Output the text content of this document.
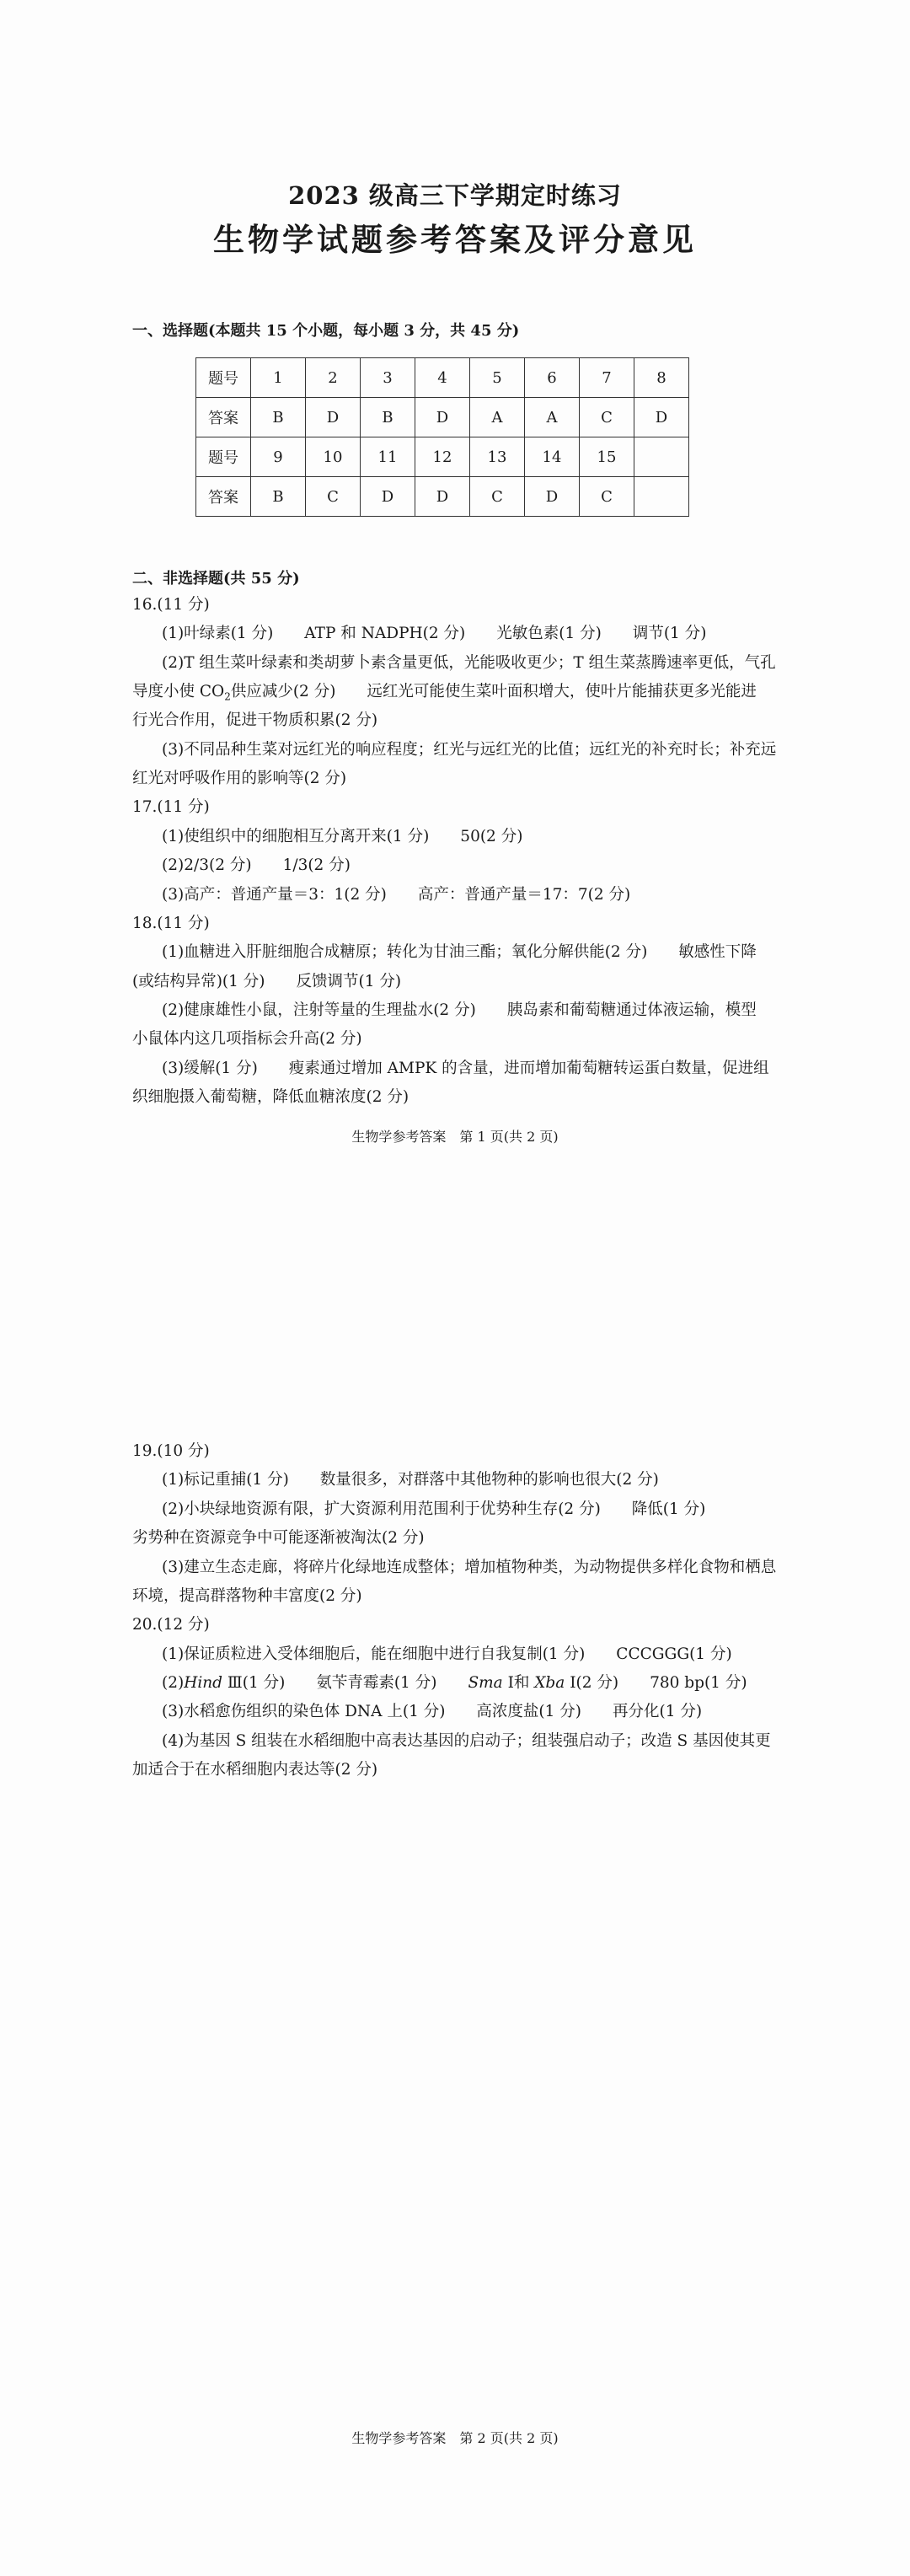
2023 级高三下学期定时练习
生物学试题参考答案及评分意见
一、选择题(本题共 15 个小题，每小题 3 分，共 45 分)
题号	1	2	3	4	5	6	7	8
答案	B	D	B	D	A	A	C	D
题号	9	10	11	12	13	14	15	
答案	B	C	D	D	C	D	C	
二、非选择题(共 55 分)
16.(11 分)
(1)叶绿素(1 分)　　ATP 和 NADPH(2 分)　　光敏色素(1 分)　　调节(1 分)
(2)T 组生菜叶绿素和类胡萝卜素含量更低，光能吸收更少；T 组生菜蒸腾速率更低，气孔
导度小使 $CO_2$供应减少(2 分)　　远红光可能使生菜叶面积增大，使叶片能捕获更多光能进
行光合作用，促进干物质积累(2 分)
(3)不同品种生菜对远红光的响应程度；红光与远红光的比值；远红光的补充时长；补充远
红光对呼吸作用的影响等(2 分)
17.(11 分)
(1)使组织中的细胞相互分离开来(1 分)　　50(2 分)
(2)2/3(2 分)　　1/3(2 分)
(3)高产：普通产量＝3：1(2 分)　　高产：普通产量＝17：7(2 分)
18.(11 分)
(1)血糖进入肝脏细胞合成糖原；转化为甘油三酯；氧化分解供能(2 分)　　敏感性下降
(或结构异常)(1 分)　　反馈调节(1 分)
(2)健康雄性小鼠，注射等量的生理盐水(2 分)　　胰岛素和葡萄糖通过体液运输，模型
小鼠体内这几项指标会升高(2 分)
(3)缓解(1 分)　　瘦素通过增加 AMPK 的含量，进而增加葡萄糖转运蛋白数量，促进组
织细胞摄入葡萄糖，降低血糖浓度(2 分)
生物学参考答案　第 1 页(共 2 页)
19.(10 分)
(1)标记重捕(1 分)　　数量很多，对群落中其他物种的影响也很大(2 分)
(2)小块绿地资源有限，扩大资源利用范围利于优势种生存(2 分)　　降低(1 分)
劣势种在资源竞争中可能逐渐被淘汰(2 分)
(3)建立生态走廊，将碎片化绿地连成整体；增加植物种类，为动物提供多样化食物和栖息
环境，提高群落物种丰富度(2 分)
20.(12 分)
(1)保证质粒进入受体细胞后，能在细胞中进行自我复制(1 分)　　CCCGGG(1 分)
(2)Hind Ⅲ(1 分)　　氨苄青霉素(1 分)　　Sma Ⅰ和 Xba Ⅰ(2 分)　　780 bp(1 分)
(3)水稻愈伤组织的染色体 DNA 上(1 分)　　高浓度盐(1 分)　　再分化(1 分)
(4)为基因 S 组装在水稻细胞中高表达基因的启动子；组装强启动子；改造 S 基因使其更
加适合于在水稻细胞内表达等(2 分)
生物学参考答案　第 2 页(共 2 页)
